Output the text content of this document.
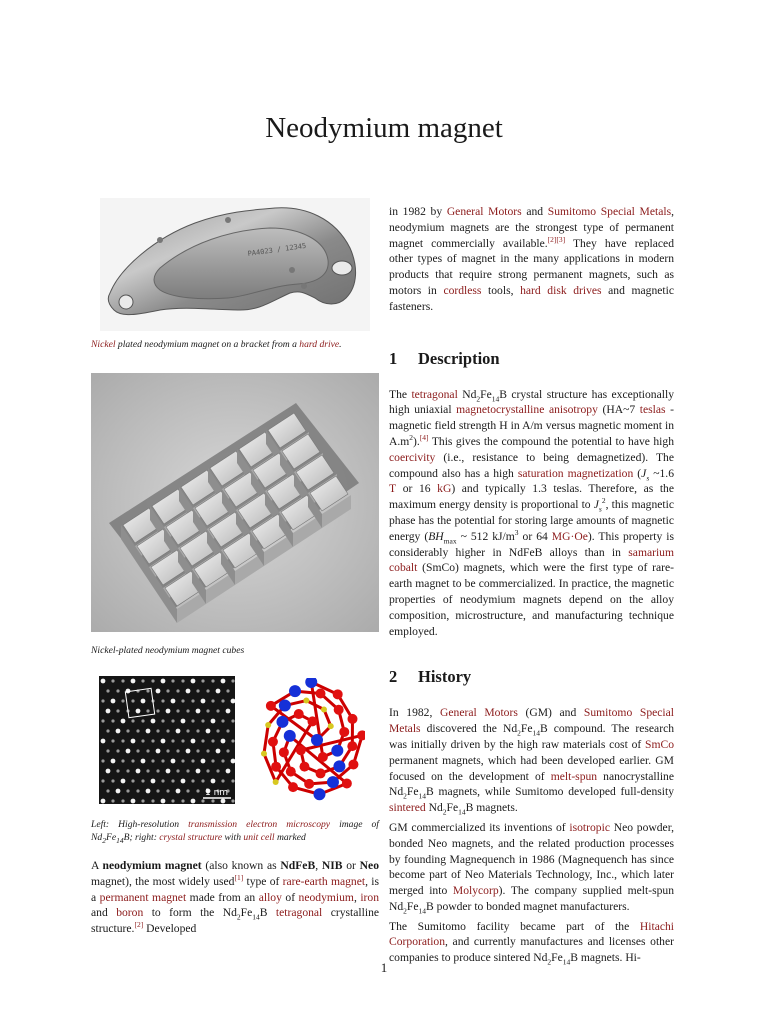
Neodymium magnet
PA4023 / 12345

Nickel plated neodymium magnet on a bracket from a hard drive.

Nickel-plated neodymium magnet cubes

1 nm

Left: High-resolution transmission electron microscopy image of $Nd_2Fe_{14}B$; right: crystal structure with unit cell marked

A neodymium magnet (also known as NdFeB, NIB or Neo magnet), the most widely used[1] type of rare-earth magnet, is a permanent magnet made from an alloy of neodymium, iron and boron to form the $Nd_2Fe_{14}B$ tetragonal crystalline structure.[2] Developed

in 1982 by General Motors and Sumitomo Special Metals, neodymium magnets are the strongest type of permanent magnet commercially available.[2][3] They have replaced other types of magnet in the many applications in modern products that require strong permanent magnets, such as motors in cordless tools, hard disk drives and magnetic fasteners.

1 Description

The tetragonal $Nd_2Fe_{14}B$ crystal structure has exceptionally high uniaxial magnetocrystalline anisotropy (HA~7 teslas - magnetic field strength H in A/m versus magnetic moment in $A.m^2).[4]$ This gives the compound the potential to have high coercivity (i.e., resistance to being demagnetized). The compound also has a high saturation magnetization ($J_s$ ~1.6 T or 16 kG) and typically 1.3 teslas. Therefore, as the maximum energy density is proportional to $J_s^2$, this magnetic phase has the potential for storing large amounts of magnetic energy ($BH_{max}$ ~ 512 $kJ/m^3$ or 64 MG·Oe). This property is considerably higher in NdFeB alloys than in samarium cobalt (SmCo) magnets, which were the first type of rare-earth magnet to be commercialized. In practice, the magnetic properties of neodymium magnets depend on the alloy composition, microstructure, and manufacturing technique employed.

2 History

In 1982, General Motors (GM) and Sumitomo Special Metals discovered the $Nd_2Fe_{14}B$ compound. The research was initially driven by the high raw materials cost of SmCo permanent magnets, which had been developed earlier. GM focused on the development of melt-spun nanocrystalline $Nd_2Fe_{14}B$ magnets, while Sumitomo developed full-density sintered $Nd_2Fe_{14}B$ magnets.

GM commercialized its inventions of isotropic Neo powder, bonded Neo magnets, and the related production processes by founding Magnequench in 1986 (Magnequench has since become part of Neo Materials Technology, Inc., which later merged into Molycorp). The company supplied melt-spun $Nd_2Fe_{14}B$ powder to bonded magnet manufacturers.

The Sumitomo facility became part of the Hitachi Corporation, and currently manufactures and licenses other companies to produce sintered $Nd_2Fe_{14}B$ magnets. Hi-

1
